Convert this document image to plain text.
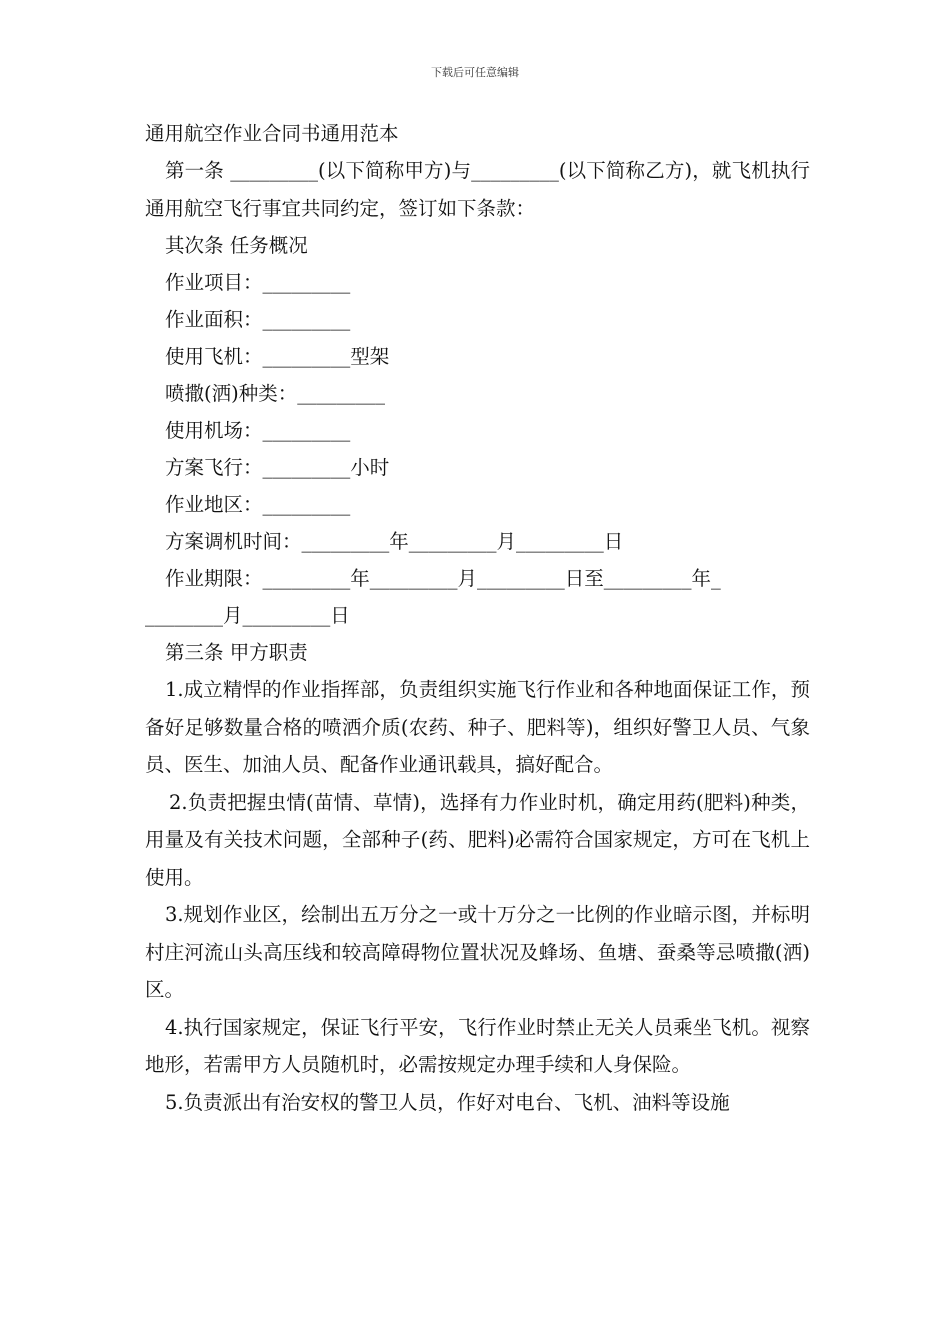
下载后可任意编辑

通用航空作业合同书通用范本

第一条 _________(以下简称甲方)与_________(以下简称乙方)，就飞机执行通用航空飞行事宜共同约定，签订如下条款：

其次条 任务概况

作业项目：_________

作业面积：_________

使用飞机：_________型架

喷撒(洒)种类：_________

使用机场：_________

方案飞行：_________小时

作业地区：_________

方案调机时间：_________年_________月_________日

作业期限：_________年_________月_________日至_________年_

________月_________日

第三条 甲方职责

1.成立精悍的作业指挥部，负责组织实施飞行作业和各种地面保证工作，预备好足够数量合格的喷洒介质(农药、种子、肥料等)，组织好警卫人员、气象员、医生、加油人员、配备作业通讯载具，搞好配合。

2.负责把握虫情(苗情、草情)，选择有力作业时机，确定用药(肥料)种类，用量及有关技术问题，全部种子(药、肥料)必需符合国家规定，方可在飞机上使用。

3.规划作业区，绘制出五万分之一或十万分之一比例的作业暗示图，并标明村庄河流山头高压线和较高障碍物位置状况及蜂场、鱼塘、蚕桑等忌喷撒(洒)区。

4.执行国家规定，保证飞行平安，飞行作业时禁止无关人员乘坐飞机。视察地形，若需甲方人员随机时，必需按规定办理手续和人身保险。

5.负责派出有治安权的警卫人员，作好对电台、飞机、油料等设施
